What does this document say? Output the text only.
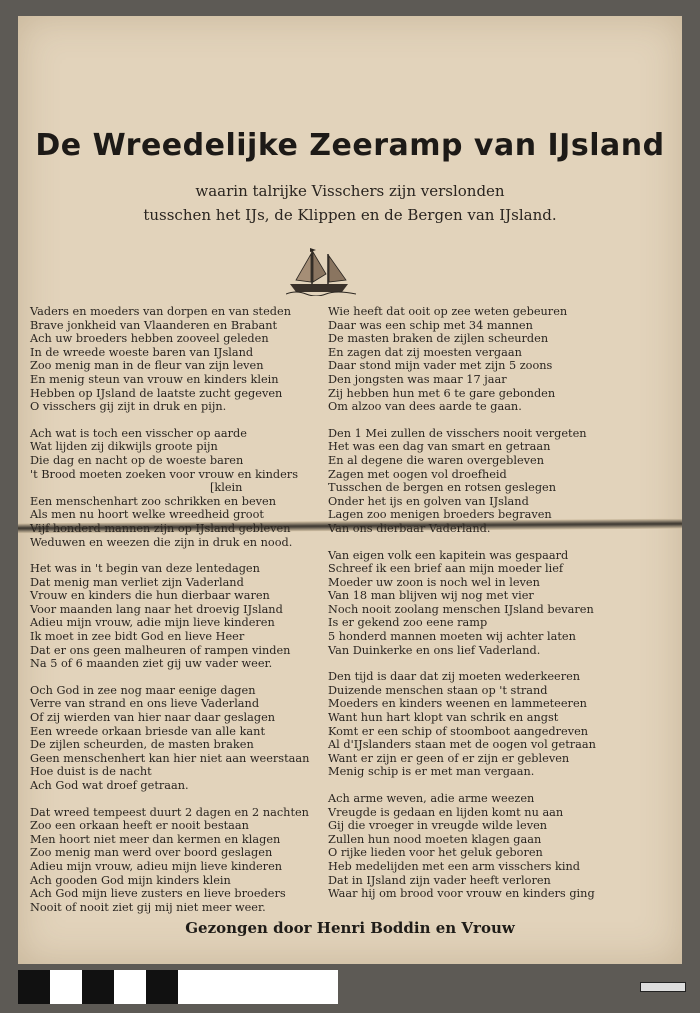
De Wreedelijke Zeeramp van IJsland
waarin talrijke Visschers zijn verslonden
tusschen het IJs, de Klippen en de Bergen van IJsland.
Vaders en moeders van dorpen en van steden
Brave jonkheid van Vlaanderen en Brabant
Ach uw broeders hebben zooveel geleden
In de wreede woeste baren van IJsland
Zoo menig man in de fleur van zijn leven
En menig steun van vrouw en kinders klein
Hebben op IJsland de laatste zucht gegeven
O visschers gij zijt in druk en pijn.
Ach wat is toch een visscher op aarde
Wat lijden zij dikwijls groote pijn
Die dag en nacht op de woeste baren
't Brood moeten zoeken voor vrouw en kinders
[klein
Een menschenhart zoo schrikken en beven
Als men nu hoort welke wreedheid groot
Vijf honderd mannen zijn op IJsland gebleven
Weduwen en weezen die zijn in druk en nood.
Het was in 't begin van deze lentedagen
Dat menig man verliet zijn Vaderland
Vrouw en kinders die hun dierbaar waren
Voor maanden lang naar het droevig IJsland
Adieu mijn vrouw, adie mijn lieve kinderen
Ik moet in zee bidt God en lieve Heer
Dat er ons geen malheuren of rampen vinden
Na 5 of 6 maanden ziet gij uw vader weer.
Och God in zee nog maar eenige dagen
Verre van strand en ons lieve Vaderland
Of zij wierden van hier naar daar geslagen
Een wreede orkaan briesde van alle kant
De zijlen scheurden, de masten braken
Geen menschenhert kan hier niet aan weerstaan
Hoe duist is de nacht
Ach God wat droef getraan.
Dat wreed tempeest duurt 2 dagen en 2 nachten
Zoo een orkaan heeft er nooit bestaan
Men hoort niet meer dan kermen en klagen
Zoo menig man werd over boord geslagen
Adieu mijn vrouw, adieu mijn lieve kinderen
Ach gooden God mijn kinders klein
Ach God mijn lieve zusters en lieve broeders
Nooit of nooit ziet gij mij niet meer weer.
Wie heeft dat ooit op zee weten gebeuren
Daar was een schip met 34 mannen
De masten braken de zijlen scheurden
En zagen dat zij moesten vergaan
Daar stond mijn vader met zijn 5 zoons
Den jongsten was maar 17 jaar
Zij hebben hun met 6 te gare gebonden
Om alzoo van dees aarde te gaan.
Den 1 Mei zullen de visschers nooit vergeten
Het was een dag van smart en getraan
En al degene die waren overgebleven
Zagen met oogen vol droefheid
Tusschen de bergen en rotsen geslegen
Onder het ijs en golven van IJsland
Lagen zoo menigen broeders begraven
Van ons dierbaar Vaderland.
Van eigen volk een kapitein was gespaard
Schreef ik een brief aan mijn moeder lief
Moeder uw zoon is noch wel in leven
Van 18 man blijven wij nog met vier
Noch nooit zoolang menschen IJsland bevaren
Is er gekend zoo eene ramp
5 honderd mannen moeten wij achter laten
Van Duinkerke en ons lief Vaderland.
Den tijd is daar dat zij moeten wederkeeren
Duizende menschen staan op 't strand
Moeders en kinders weenen en lammeteeren
Want hun hart klopt van schrik en angst
Komt er een schip of stoomboot aangedreven
Al d'IJslanders staan met de oogen vol getraan
Want er zijn er geen of er zijn er gebleven
Menig schip is er met man vergaan.
Ach arme weven, adie arme weezen
Vreugde is gedaan en lijden komt nu aan
Gij die vroeger in vreugde wilde leven
Zullen hun nood moeten klagen gaan
O rijke lieden voor het geluk geboren
Heb medelijden met een arm visschers kind
Dat in IJsland zijn vader heeft verloren
Waar hij om brood voor vrouw en kinders ging
Gezongen door Henri Boddin en Vrouw
